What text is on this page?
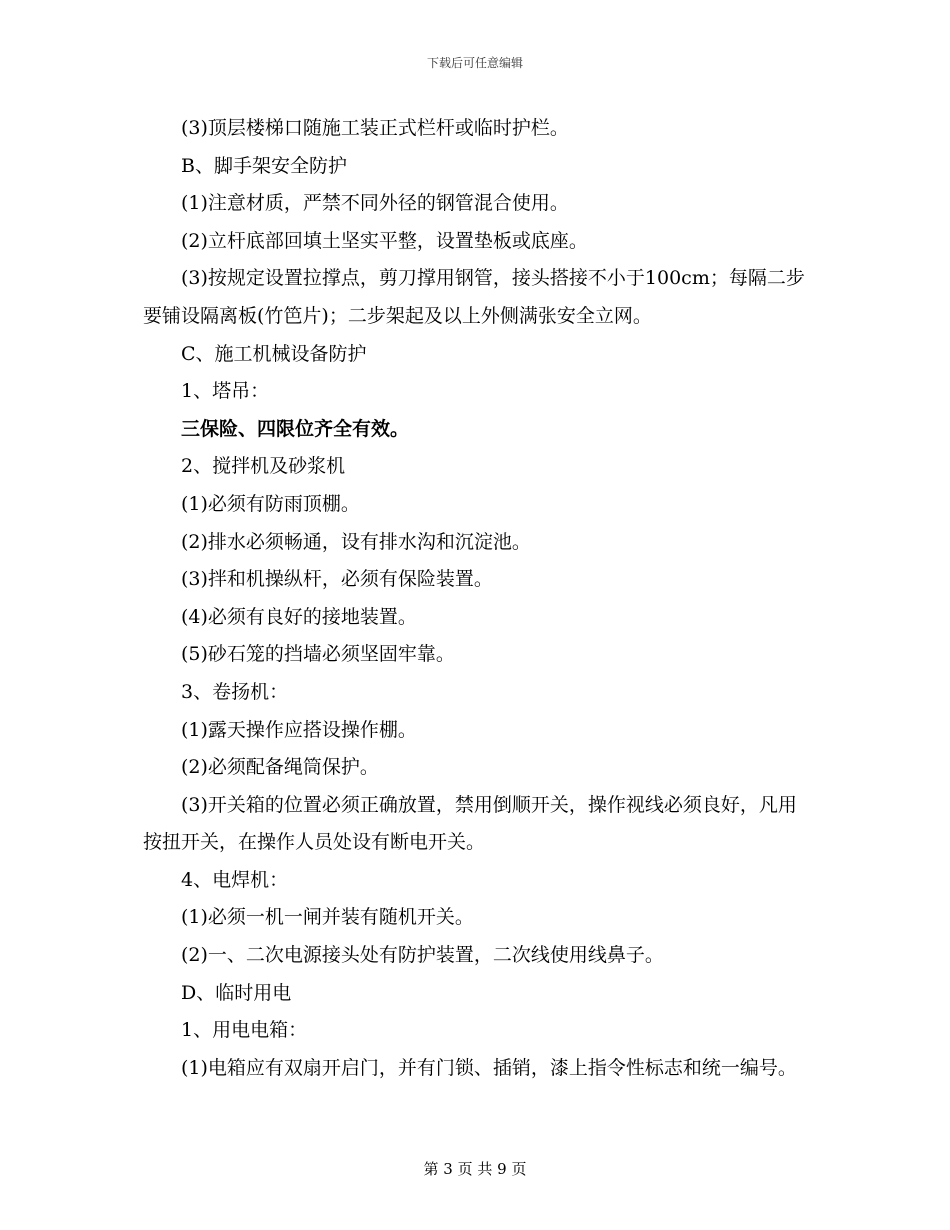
下载后可任意编辑

(3)顶层楼梯口随施工装正式栏杆或临时护栏。

B、脚手架安全防护

(1)注意材质，严禁不同外径的钢管混合使用。

(2)立杆底部回填土坚实平整，设置垫板或底座。

(3)按规定设置拉撑点，剪刀撑用钢管，接头搭接不小于100cm；每隔二步要铺设隔离板(竹笆片)；二步架起及以上外侧满张安全立网。

C、施工机械设备防护

1、塔吊：

三保险、四限位齐全有效。

2、搅拌机及砂浆机

(1)必须有防雨顶棚。

(2)排水必须畅通，设有排水沟和沉淀池。

(3)拌和机操纵杆，必须有保险装置。

(4)必须有良好的接地装置。

(5)砂石笼的挡墙必须坚固牢靠。

3、卷扬机：

(1)露天操作应搭设操作棚。

(2)必须配备绳筒保护。

(3)开关箱的位置必须正确放置，禁用倒顺开关，操作视线必须良好，凡用按扭开关，在操作人员处设有断电开关。

4、电焊机：

(1)必须一机一闸并装有随机开关。

(2)一、二次电源接头处有防护装置，二次线使用线鼻子。

D、临时用电

1、用电电箱：

(1)电箱应有双扇开启门，并有门锁、插销，漆上指令性标志和统一编号。

第 3 页 共 9 页
